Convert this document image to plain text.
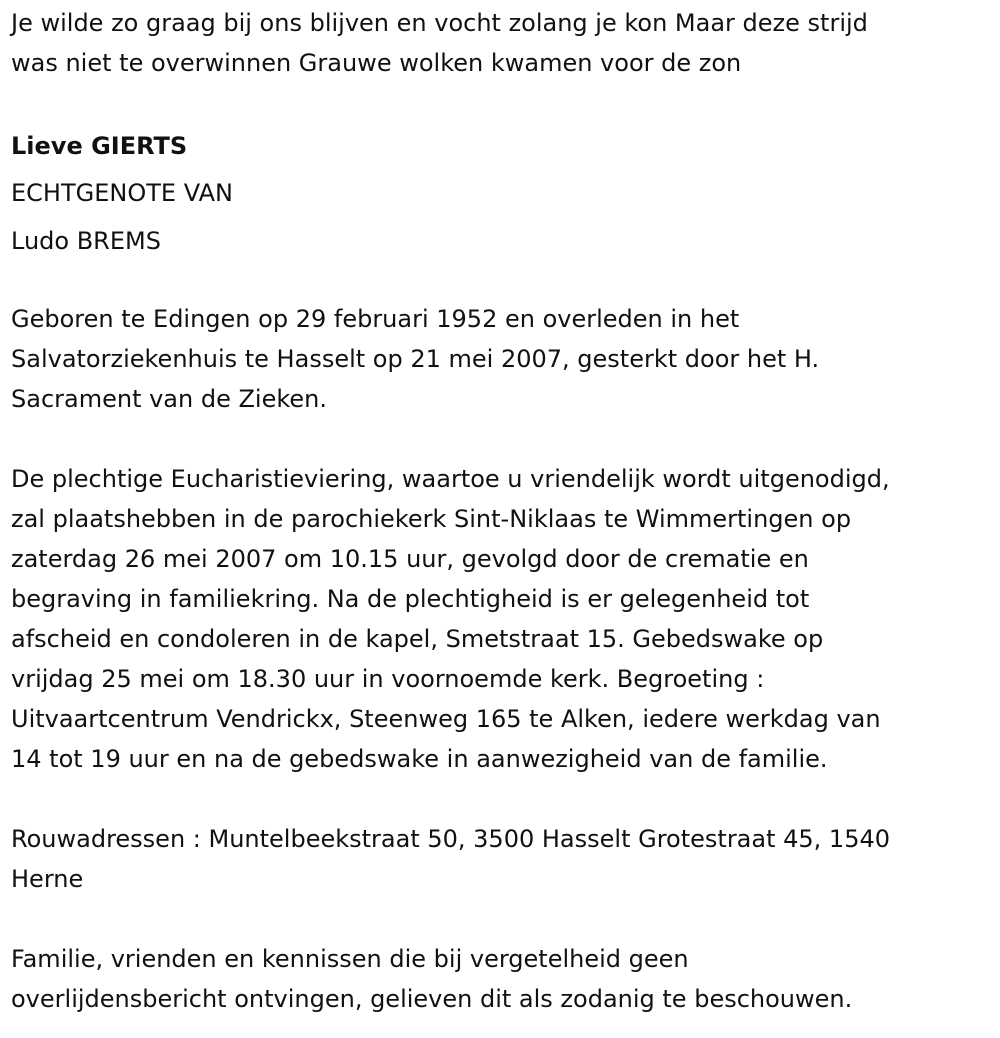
Je wilde zo graag bij ons blijven en vocht zolang je kon Maar deze strijd
was niet te overwinnen Grauwe wolken kwamen voor de zon
Lieve GIERTS
ECHTGENOTE VAN
Ludo BREMS
Geboren te Edingen op 29 februari 1952 en overleden in het
Salvatorziekenhuis te Hasselt op 21 mei 2007, gesterkt door het H.
Sacrament van de Zieken.
De plechtige Eucharistieviering, waartoe u vriendelijk wordt uitgenodigd,
zal plaatshebben in de parochiekerk Sint-Niklaas te Wimmertingen op
zaterdag 26 mei 2007 om 10.15 uur, gevolgd door de crematie en
begraving in familiekring. Na de plechtigheid is er gelegenheid tot
afscheid en condoleren in de kapel, Smetstraat 15. Gebedswake op
vrijdag 25 mei om 18.30 uur in voornoemde kerk. Begroeting :
Uitvaartcentrum Vendrickx, Steenweg 165 te Alken, iedere werkdag van
14 tot 19 uur en na de gebedswake in aanwezigheid van de familie.
Rouwadressen : Muntelbeekstraat 50, 3500 Hasselt Grotestraat 45, 1540
Herne
Familie, vrienden en kennissen die bij vergetelheid geen
overlijdensbericht ontvingen, gelieven dit als zodanig te beschouwen.
